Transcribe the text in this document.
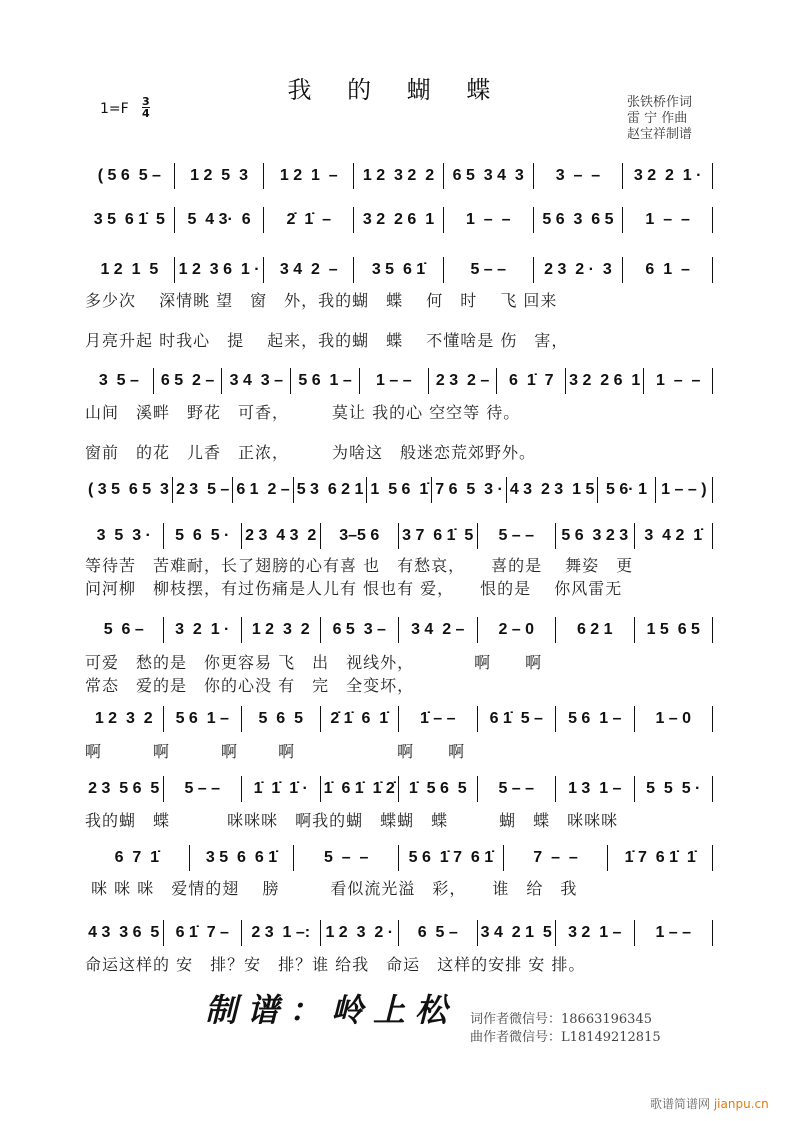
我 的 蝴 蝶
1=F 3
4
张铁桥作词
雷 宁 作曲
赵宝祥制谱
( 5 6  5 –	1 2  5  3	1 2  1  –	1 2  3 2  2	6 5  3 4  3	3  –  –	3 2  2  1 ·
3 5  6 1̇  5	5  4 3·  6	2̇  1̇  –	3 2  2 6  1	1  –  –	5 6  3  6 5	1  –  –
1 2  1  5	1 2  3 6  1 ·	3 4  2  –	3 5  6 1̇	5 – –	2 3  2 ·  3	6  1  –
3  5 –	6 5  2 – 3 4  3 – 5 6  1 –	1 – –	2 3  2 –	6  1̇  7 3 2  2 6  1 1  –  –
( 3 5  6 5  3 2 3  5 – 6 1  2 – 5 3  6 2 1 1  5 6  1̇ 7 6  5  3 · 4 3  2 3  1 5 5 6· 1 1 – – )
3  5  3 ·	5  6  5 · 2 3  4 3  2	3–5 6	3 7  6 1̇  5	5 – –	5 6  3 2 3	3  4 2  1̇
5  6 –	3  2  1 ·	1 2  3  2	6 5  3 –	3 4  2 –	2 – 0	6 2 1	1 5  6 5
1 2  3  2	5 6  1 –	5  6  5	2̇ 1̇  6  1̇	1̇ – –	6 1̇  5 –	5 6  1 –	1 – 0
2 3  5 6  5	5 – –	1̇  1̇  1̇ · 1̇  6 1̇  1̇ 2̇ 1̇  5 6  5	5 – –	1 3  1 –	5  5  5 ·
6  7  1̇	3 5  6  6 1̇	5  –  –	5 6  1̇ 7  6 1̇	7  –  –	1̇ 7  6 1̇  1̇
4 3  3 6  5	6 1̇  7 –	2 3  1 –: 1 2  3  2 ·	6  5 –	3 4  2 1  5	3 2  1 –	1 – –
多少次　 深情眺 望　窗　外，我的蝴　蝶　 何　时　 飞 回来
月亮升起 时我心　提　 起来，我的蝴　蝶　 不懂啥是 伤　害，
山间　溪畔　野花　可香，　　　莫让 我的心 空空等 待。
窗前　的花　儿香　正浓，　　　为啥这　般迷恋荒郊野外。
等待苦　苦难耐，长了翅膀的心有喜 也　有愁哀，　　喜的是　 舞姿　更
问河柳　柳枝摆，有过伤痛是人儿有 恨也有 爱，　　恨的是　 你风雷无
可爱　愁的是　你更容易 飞　出　视线外，　　　　啊　　啊
常态　爱的是　你的心没 有　完　全变坏，
啊　　　啊　　　啊　　 啊　　　　　　啊　　啊
我的蝴　蝶　　　 咪咪咪　啊我的蝴　蝶蝴　蝶　　　蝴　蝶　咪咪咪
咪 咪 咪　爱情的翅　 膀　　　看似流光溢　彩，　　谁　给　我
命运这样的 安　排？安　排？谁 给我　命运　这样的安排 安 排。
制谱：岭上松 词作者微信号：18663196345
曲作者微信号：L18149212815
歌谱简谱网 jianpu.cn
